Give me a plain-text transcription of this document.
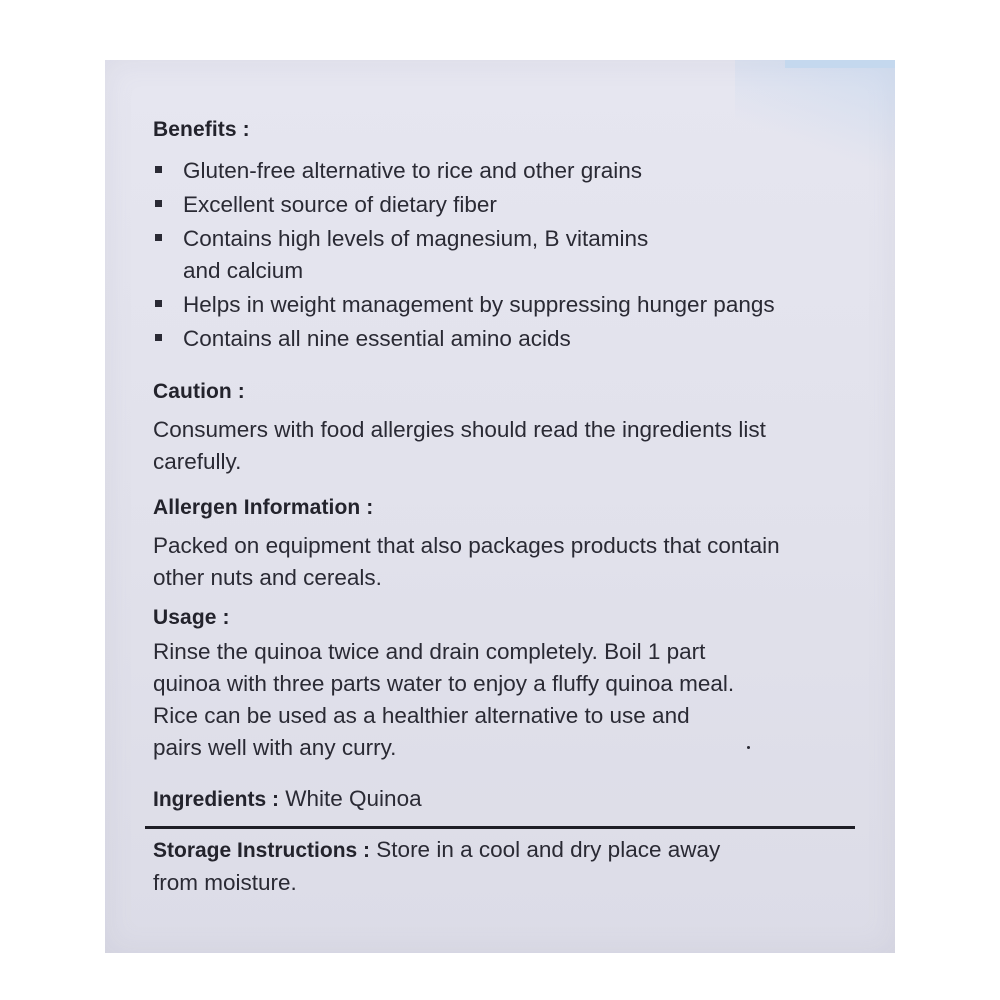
Benefits :
Gluten-free alternative to rice and other grains
Excellent source of dietary fiber
Contains high levels of magnesium, B vitamins
and calcium
Helps in weight management by suppressing hunger pangs
Contains all nine essential amino acids
Caution :

Consumers with food allergies should read the ingredients list

carefully.

Allergen Information :

Packed on equipment that also packages products that contain

other nuts and cereals.

Usage :

Rinse the quinoa twice and drain completely. Boil 1 part

quinoa with three parts water to enjoy a fluffy quinoa meal.

Rice can be used as a healthier alternative to use and

pairs well with any curry.

Ingredients : White Quinoa

Storage Instructions : Store in a cool and dry place away

from moisture.
